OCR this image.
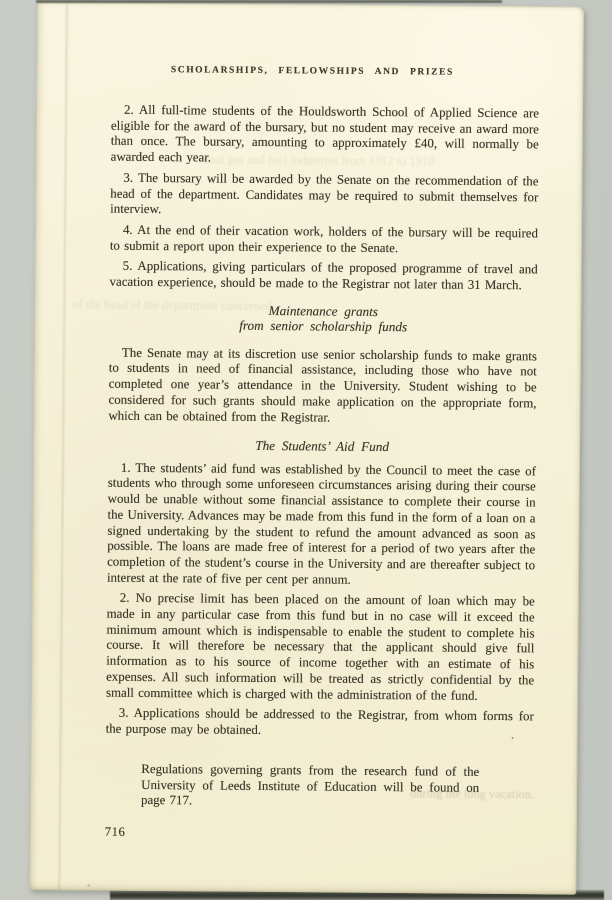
coal gas and fuel industries from 1912 to 1918
of the head of the department concerned.
during the long vacation.
SCHOLARSHIPS, FELLOWSHIPS AND PRIZES

2. All full-time students of the Houldsworth School of Applied Science are eligible for the award of the bursary, but no student may receive an award more than once. The bursary, amounting to approximately £40, will normally be awarded each year.

3. The bursary will be awarded by the Senate on the recommendation of the head of the department. Candidates may be required to submit themselves for interview.

4. At the end of their vacation work, holders of the bursary will be required to submit a report upon their experience to the Senate.

5. Applications, giving particulars of the proposed programme of travel and vacation experience, should be made to the Registrar not later than 31 March.

Maintenance grants
from senior scholarship funds

The Senate may at its discretion use senior scholarship funds to make grants to students in need of financial assistance, including those who have not completed one year’s attendance in the University. Student wishing to be considered for such grants should make application on the appropriate form, which can be obtained from the Registrar.

The Students’ Aid Fund

1. The students’ aid fund was established by the Council to meet the case of students who through some unforeseen circumstances arising during their course would be unable without some financial assistance to complete their course in the University. Advances may be made from this fund in the form of a loan on a signed undertaking by the student to refund the amount advanced as soon as possible. The loans are made free of interest for a period of two years after the completion of the student’s course in the University and are thereafter subject to interest at the rate of five per cent per annum.

2. No precise limit has been placed on the amount of loan which may be made in any particular case from this fund but in no case will it exceed the minimum amount which is indispensable to enable the student to complete his course. It will therefore be necessary that the applicant should give full information as to his source of income together with an estimate of his expenses. All such information will be treated as strictly confidential by the small committee which is charged with the administration of the fund.

3. Applications should be addressed to the Registrar, from whom forms for the purpose may be obtained.

Regulations governing grants from the research fund of the University of Leeds Institute of Education will be found on page 717.

716
